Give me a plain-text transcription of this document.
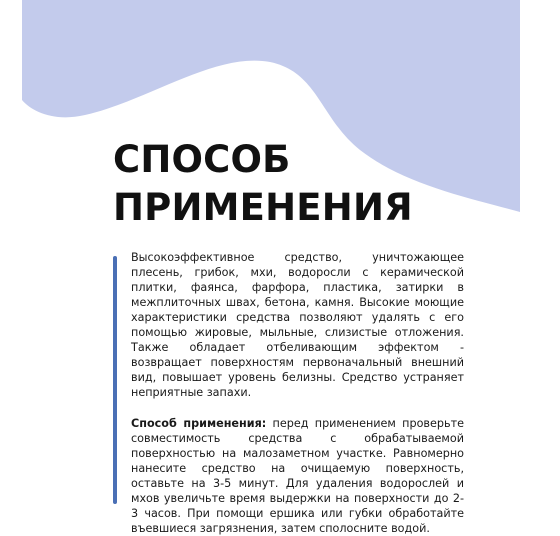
СПОСОБ
ПРИМЕНЕНИЯ

Высокоэффективное средство, уничтожающее плесень, грибок, мхи, водоросли с керамической плитки, фаянса, фарфора, пластика, затирки в межплиточных швах, бетона, камня. Высокие моющие характеристики средства позволяют удалять с его помощью жировые, мыльные, слизистые отложения. Также обладает отбеливающим эффектом - возвращает поверхностям первоначальный внешний вид, повышает уровень белизны. Средство устраняет неприятные запахи.

Способ применения: перед применением проверьте совместимость средства с обрабатываемой поверхностью на малозаметном участке. Равномерно нанесите средство на очищаемую поверхность, оставьте на 3-5 минут. Для удаления водорослей и мхов увеличьте время выдержки на поверхности до 2-3 часов. При помощи ершика или губки обработайте въевшиеся загрязнения, затем сполосните водой.
